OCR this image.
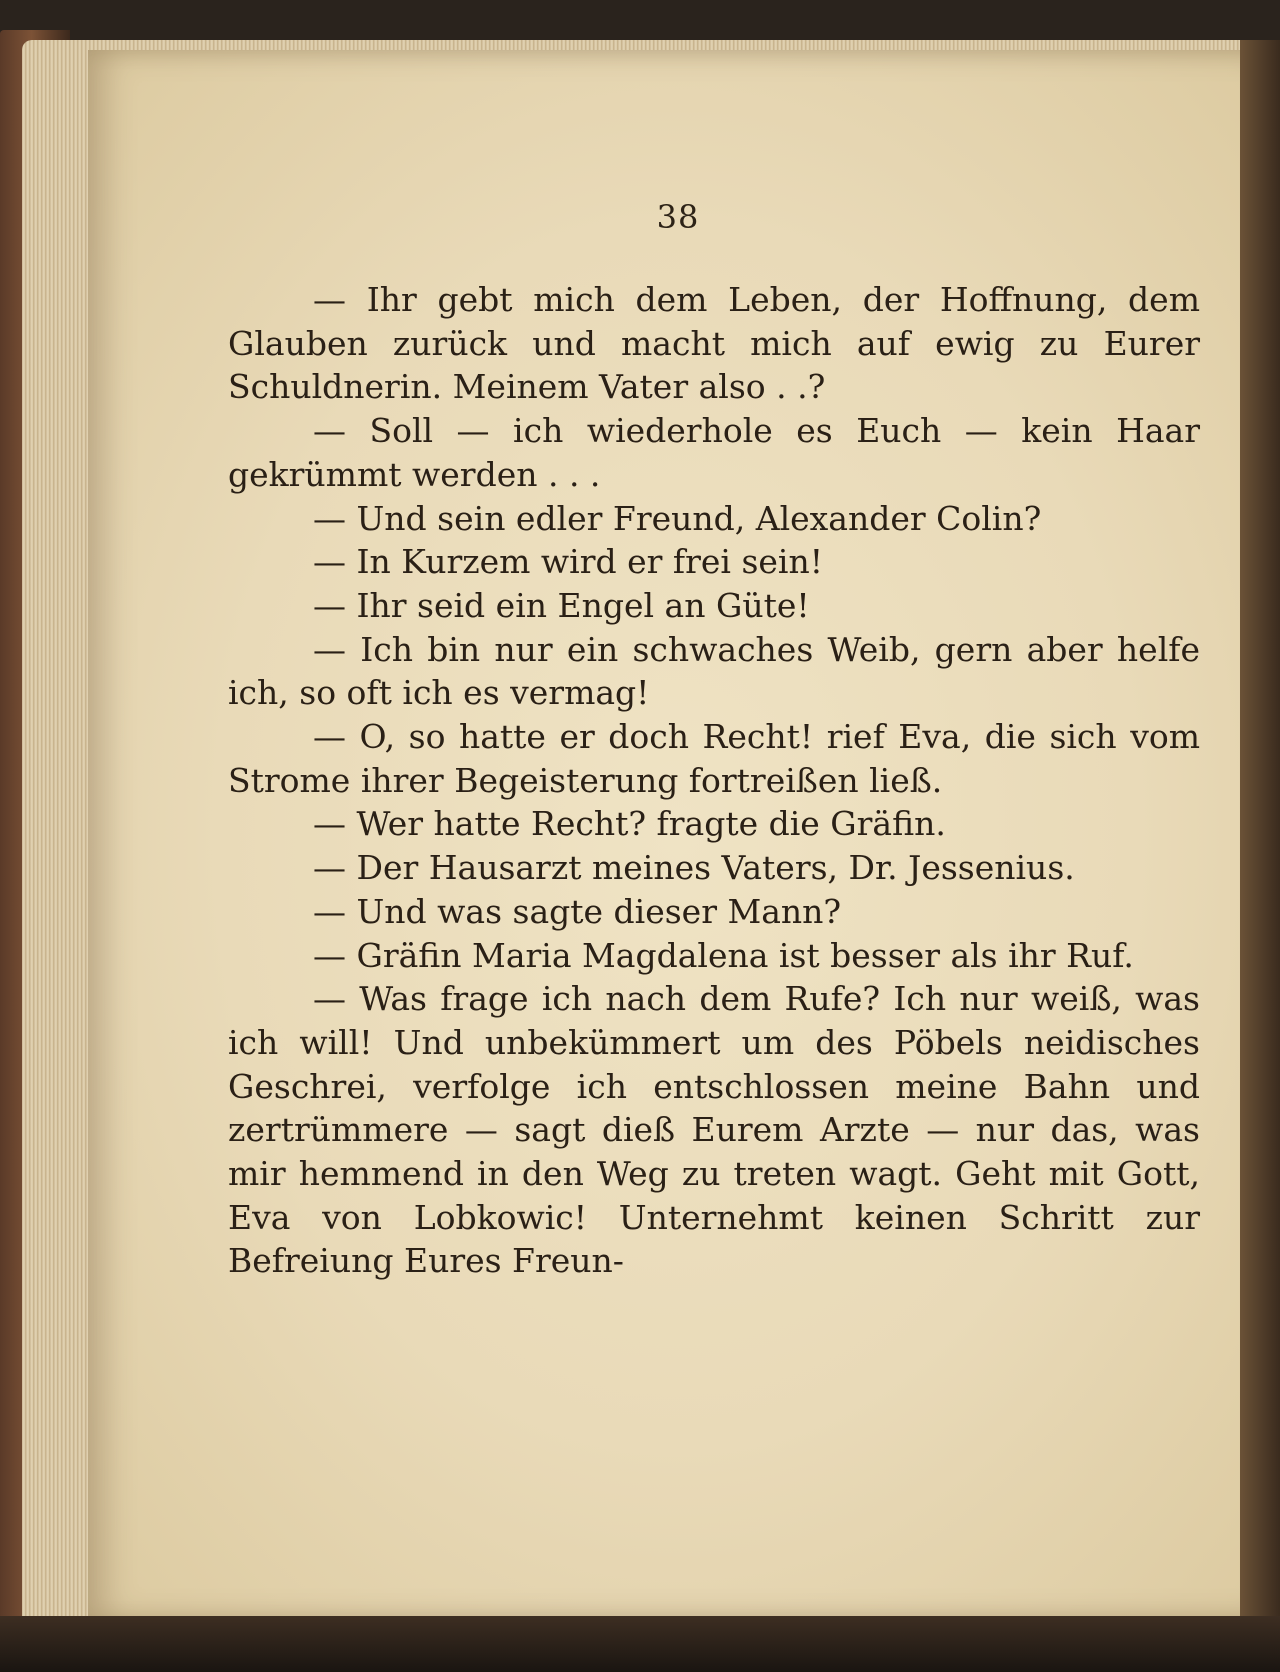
38

— Ihr gebt mich dem Leben, der Hoffnung, dem Glauben zurück und macht mich auf ewig zu Eurer Schuldnerin. Meinem Vater also . .?

— Soll — ich wiederhole es Euch — kein Haar gekrümmt werden . . .

— Und sein edler Freund, Alexander Colin?

— In Kurzem wird er frei sein!

— Ihr seid ein Engel an Güte!

— Ich bin nur ein schwaches Weib, gern aber helfe ich, so oft ich es vermag!

— O, so hatte er doch Recht! rief Eva, die sich vom Strome ihrer Begeisterung fortreißen ließ.

— Wer hatte Recht? fragte die Gräfin.

— Der Hausarzt meines Vaters, Dr. Jessenius.

— Und was sagte dieser Mann?

— Gräfin Maria Magdalena ist besser als ihr Ruf.

— Was frage ich nach dem Rufe? Ich nur weiß, was ich will! Und unbekümmert um des Pöbels neidisches Geschrei, verfolge ich entschlossen meine Bahn und zertrümmere — sagt dieß Eurem Arzte — nur das, was mir hemmend in den Weg zu treten wagt. Geht mit Gott, Eva von Lobkowic! Unternehmt keinen Schritt zur Befreiung Eures Freun-
